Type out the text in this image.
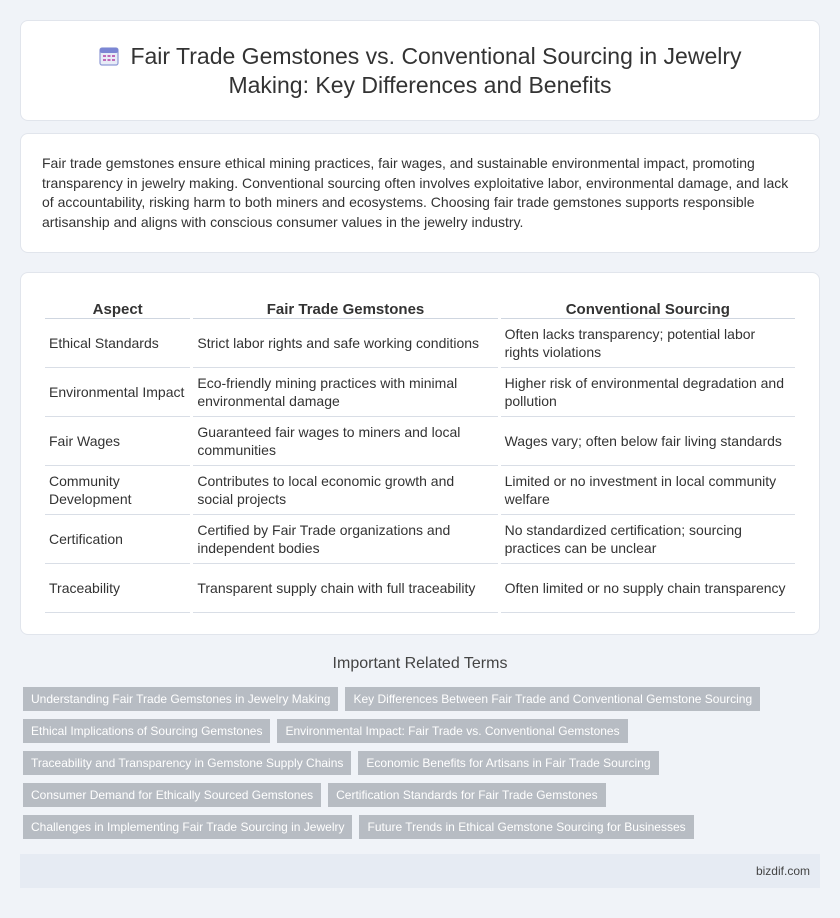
Fair Trade Gemstones vs. Conventional Sourcing in Jewelry Making: Key Differences and Benefits

Fair trade gemstones ensure ethical mining practices, fair wages, and sustainable environmental impact, promoting transparency in jewelry making. Conventional sourcing often involves exploitative labor, environmental damage, and lack of accountability, risking harm to both miners and ecosystems. Choosing fair trade gemstones supports responsible artisanship and aligns with conscious consumer values in the jewelry industry.

Aspect	Fair Trade Gemstones	Conventional Sourcing
Ethical Standards	Strict labor rights and safe working conditions	Often lacks transparency; potential labor rights violations
Environmental Impact	Eco-friendly mining practices with minimal environmental damage	Higher risk of environmental degradation and pollution
Fair Wages	Guaranteed fair wages to miners and local communities	Wages vary; often below fair living standards
Community Development	Contributes to local economic growth and social projects	Limited or no investment in local community welfare
Certification	Certified by Fair Trade organizations and independent bodies	No standardized certification; sourcing practices can be unclear
Traceability	Transparent supply chain with full traceability	Often limited or no supply chain transparency
Important Related Terms
Understanding Fair Trade Gemstones in Jewelry Making	Key Differences Between Fair Trade and Conventional Gemstone Sourcing
Ethical Implications of Sourcing Gemstones	Environmental Impact: Fair Trade vs. Conventional Gemstones
Traceability and Transparency in Gemstone Supply Chains	Economic Benefits for Artisans in Fair Trade Sourcing
Consumer Demand for Ethically Sourced Gemstones	Certification Standards for Fair Trade Gemstones
Challenges in Implementing Fair Trade Sourcing in Jewelry	Future Trends in Ethical Gemstone Sourcing for Businesses
bizdif.com
